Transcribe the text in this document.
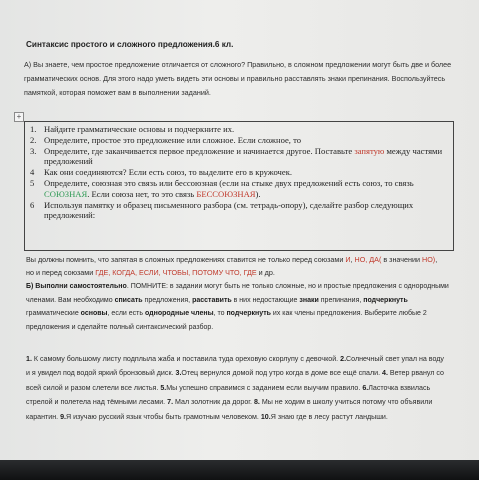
Синтаксис простого и сложного предложения.6 кл.

А) Вы знаете, чем простое предложение отличается от сложного? Правильно, в сложном предложении могут быть две и более грамматических основ. Для этого надо уметь видеть эти основы и правильно расставлять знаки препинания. Воспользуйтесь памяткой, которая поможет вам в выполнении заданий.

+
1. Найдите грамматические основы и подчеркните их.
2. Определите, простое это предложение или сложное. Если сложное, то
3. Определите, где заканчивается первое предложение и начинается другое. Поставьте запятую между частями предложений
4	Как они соединяются? Если есть союз, то выделите его в кружочек.
5	Определите, союзная это связь или бессоюзная (если на стыке двух предложений есть союз, то связь СОЮЗНАЯ. Если союза нет, то это связь БЕССОЮЗНАЯ).
6	Используя памятку и образец письменного разбора (см. тетрадь-опору), сделайте разбор следующих предложений:

Вы должны помнить, что запятая в сложных предложениях ставится не только перед союзами И, НО, ДА( в значении НО), но и перед союзами ГДЕ, КОГДА, ЕСЛИ, ЧТОБЫ, ПОТОМУ ЧТО, ГДЕ и др.

Б) Выполни самостоятельно. ПОМНИТЕ: в задании могут быть не только сложные, но и простые предложения с однородными членами. Вам необходимо списать предложения, расставить в них недостающие знаки препинания, подчеркнуть грамматические основы, если есть однородные члены, то подчеркнуть их как члены предложения. Выберите любые 2 предложения и сделайте полный синтаксический разбор.

1. К самому большому листу подплыла жаба и поставила туда ореховую скорлупу с девочкой. 2.Солнечный свет упал на воду и я увидел под водой яркий бронзовый диск. 3.Отец вернулся домой под утро когда в доме все ещё спали. 4. Ветер рванул со всей силой и разом слетели все листья. 5.Мы успешно справимся с заданием если выучим правило. 6.Ласточка взвилась стрелой и полетела над тёмными лесами. 7. Мал золотник да дорог. 8. Мы не ходим в школу учиться потому что объявили карантин. 9.Я изучаю русский язык чтобы быть грамотным человеком. 10.Я знаю где в лесу растут ландыши.
